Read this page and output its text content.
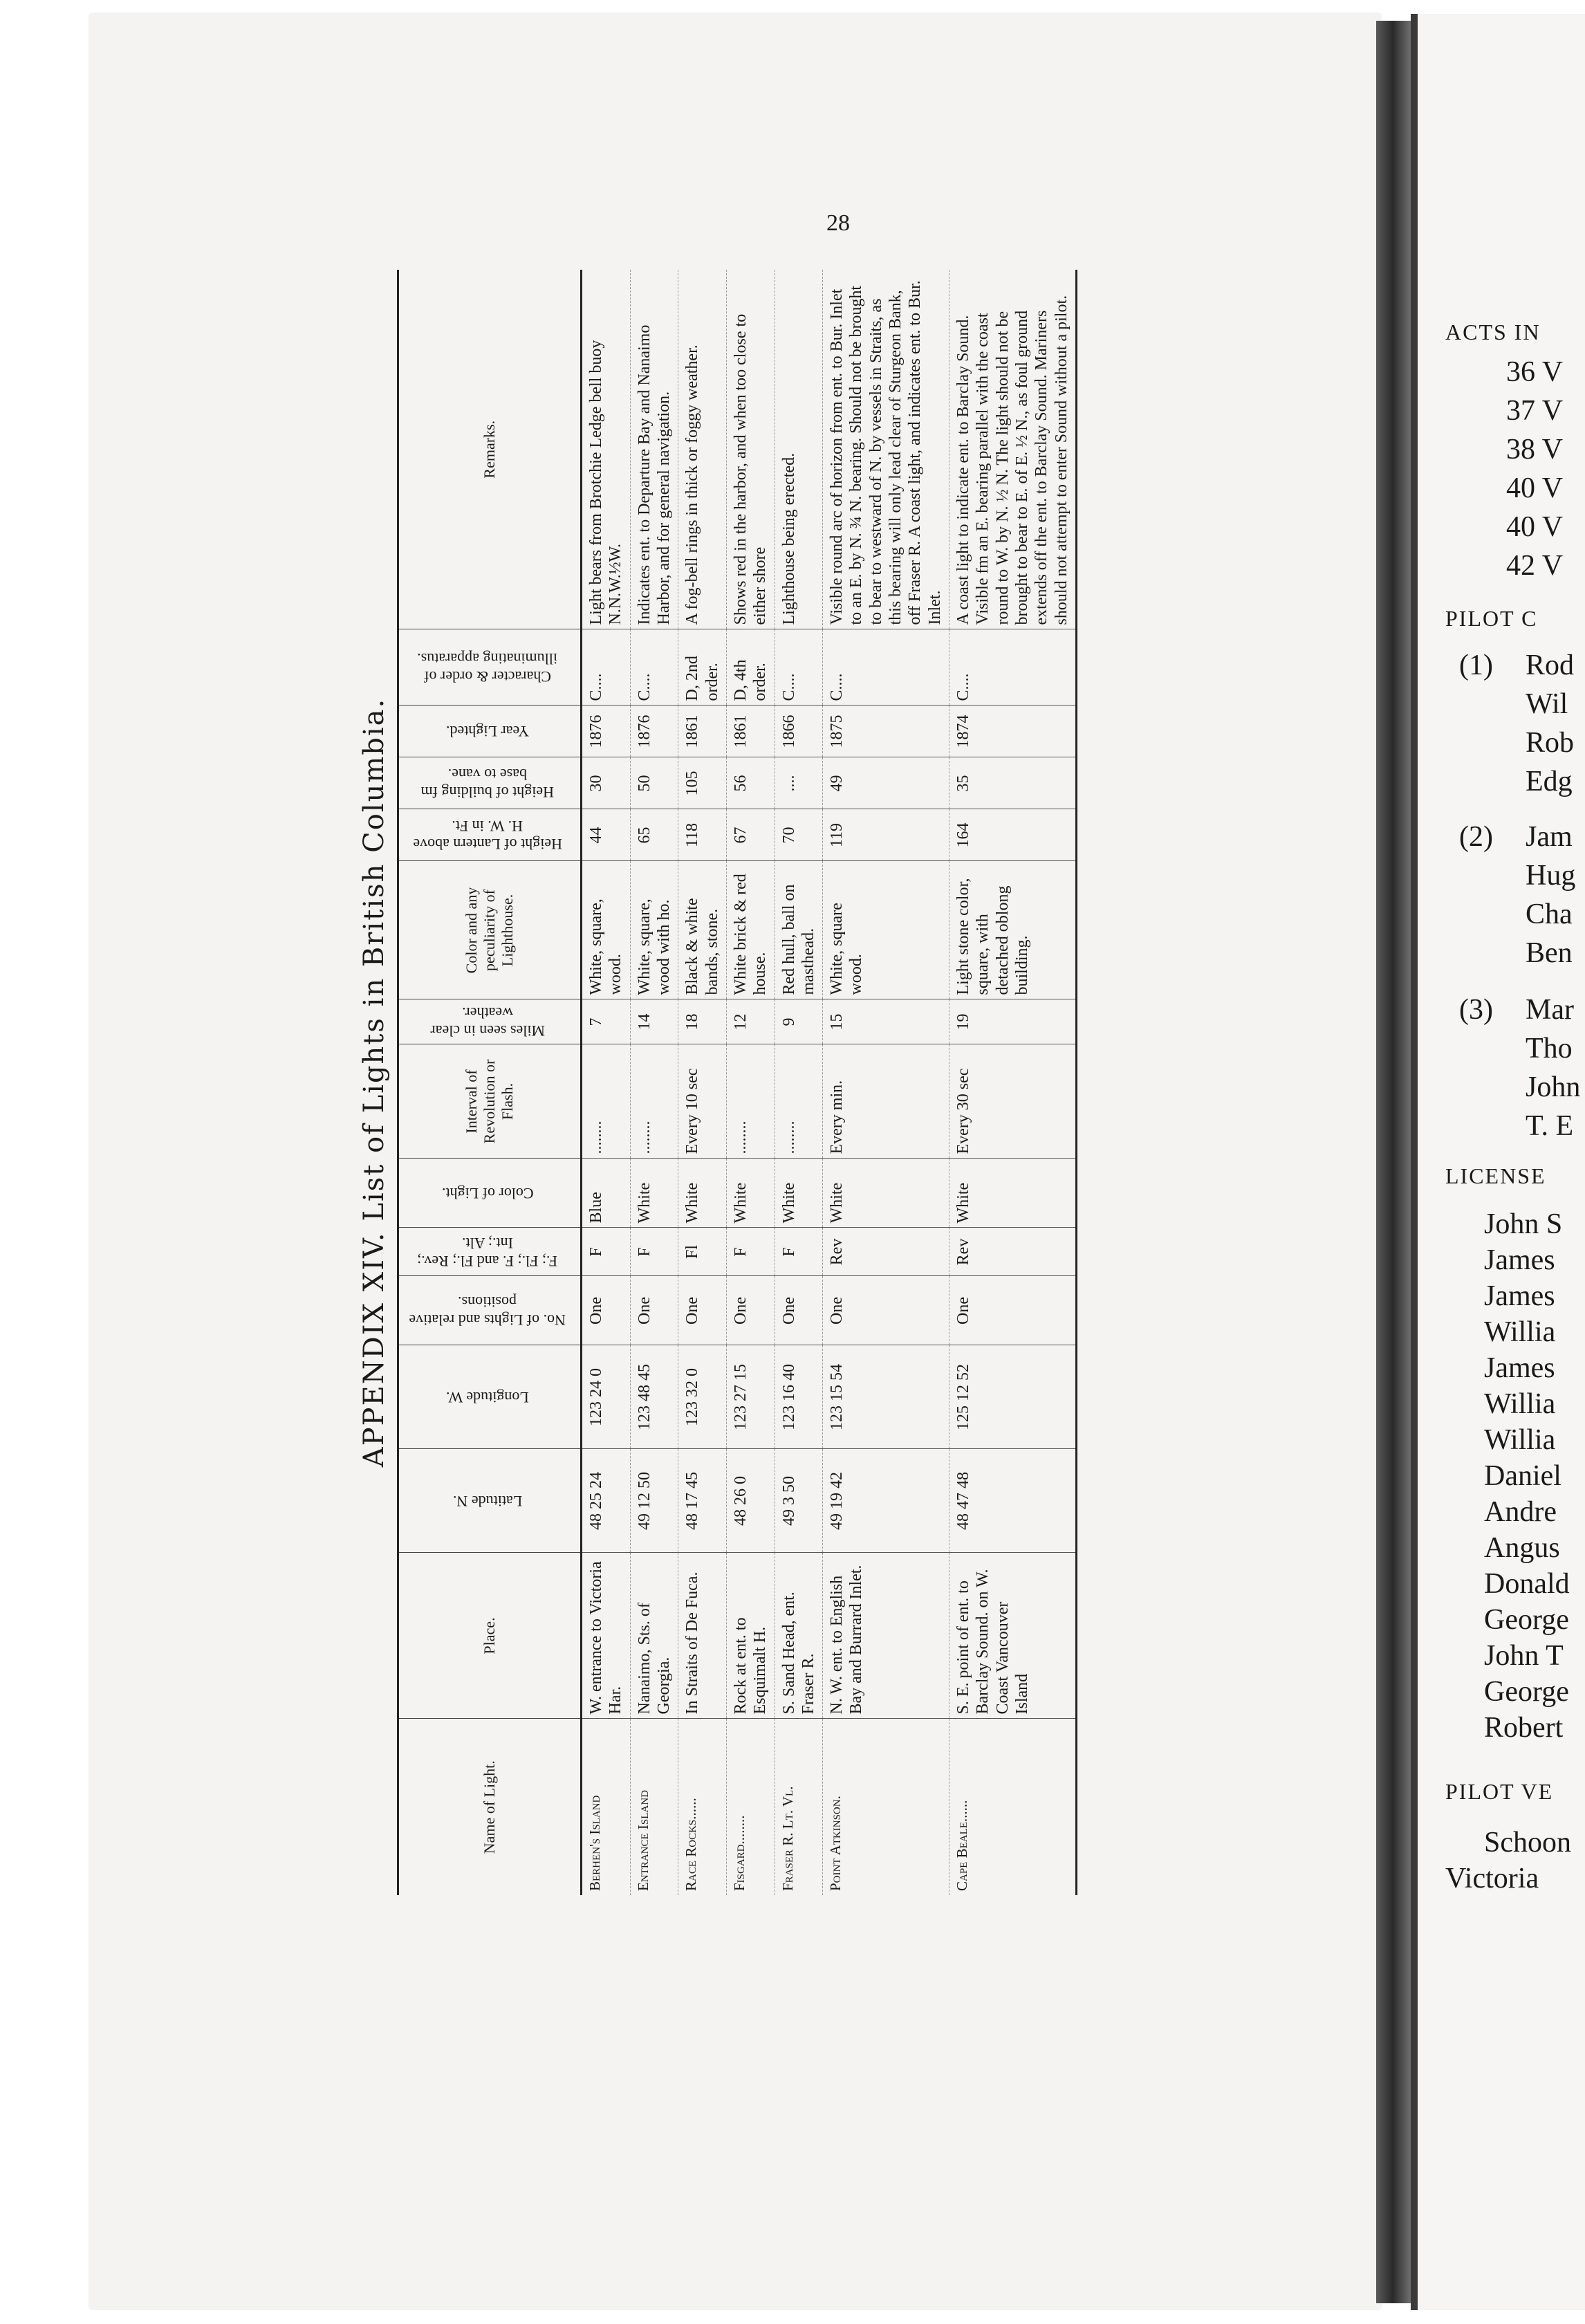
28
APPENDIX XIV. List of Lights in British Columbia.
Name of Light.	Place.	Latitude N.	Longitude W.	No. of Lights and relative positions.	F.; Fl.; F. and Fl.; Rev.; Int.; Alt.	Color of Light.	Interval of Revolution or Flash.	Miles seen in clear weather.	Color and any peculiarity of Lighthouse.	Height of Lantern above H. W. in Ft.	Height of building fm base to vane.	Year Lighted.	Character & order of illuminating apparatus.	Remarks.
Berhen's Island	W. entrance to Victoria Har.	48 25 24	123 24 0	One	F	Blue	........	7	White, square, wood.	44	30	1876	C....	Light bears from Brotchie Ledge bell buoy N.N.W.½W.
Entrance Island	Nanaimo, Sts. of Georgia.	49 12 50	123 48 45	One	F	White	........	14	White, square, wood with ho.	65	50	1876	C....	Indicates ent. to Departure Bay and Nanaimo Harbor, and for general navigation.
Race Rocks......	In Straits of De Fuca.	48 17 45	123 32 0	One	Fl	White	Every 10 sec	18	Black & white bands, stone.	118	105	1861	D, 2nd order.	A fog-bell rings in thick or foggy weather.
Fisgard........	Rock at ent. to Esquimalt H.	48 26 0	123 27 15	One	F	White	........	12	White brick & red house.	67	56	1861	D, 4th order.	Shows red in the harbor, and when too close to either shore
Fraser R. Lt. Vl.	S. Sand Head, ent. Fraser R.	49 3 50	123 16 40	One	F	White	........	9	Red hull, ball on masthead.	70	....	1866	C....	Lighthouse being erected.
Point Atkinson.	N. W. ent. to English Bay and Burrard Inlet.	49 19 42	123 15 54	One	Rev	White	Every min.	15	White, square wood.	119	49	1875	C....	Visible round arc of horizon from ent. to Bur. Inlet to an E. by N. ¾ N. bearing. Should not be brought to bear to westward of N. by vessels in Straits, as this bearing will only lead clear of Sturgeon Bank, off Fraser R. A coast light, and indicates ent. to Bur. Inlet.
Cape Beale......	S. E. point of ent. to Barclay Sound. on W. Coast Vancouver Island	48 47 48	125 12 52	One	Rev	White	Every 30 sec	19	Light stone color, square, with detached oblong building.	164	35	1874	C....	A coast light to indicate ent. to Barclay Sound. Visible fm an E. bearing parallel with the coast round to W. by N. ½ N. The light should not be brought to bear to E. of E. ½ N., as foul ground extends off the ent. to Barclay Sound. Mariners should not attempt to enter Sound without a pilot.	ACTS IN
36 V
37 V
38 V
40 V
40 V
42 V
PILOT C
(1) Rod
Wil
Rob
Edg
(2) Jam
Hug
Cha
Ben
(3) Mar
Tho
John
T. E
LICENSE
John S
James
James
Willia
James
Willia
Willia
Daniel
Andre
Angus
Donald
George
John T
George
Robert
PILOT VE
Schoon
Victoria
